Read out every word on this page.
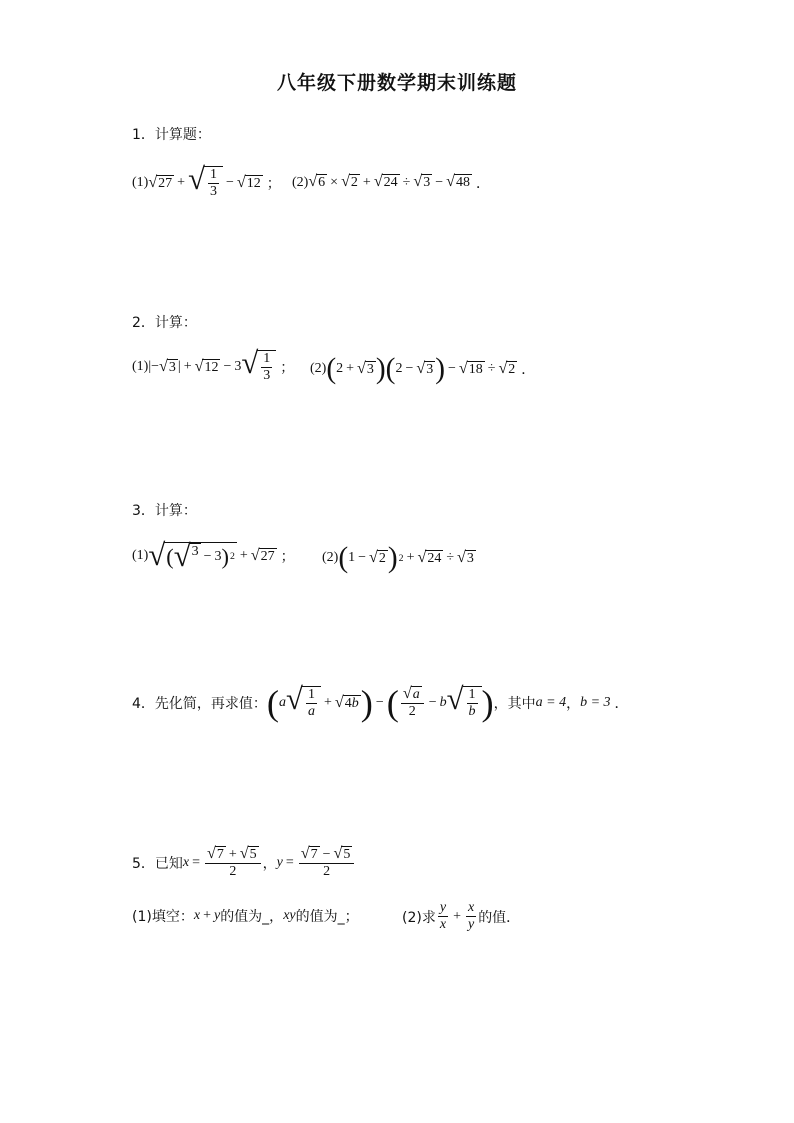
八年级下册数学期末训练题
1．计算题：
(1) √ 27 + √ $\frac{1}{3}$ − √ 12 ； (2) √ 6 × √ 2 + √ 24 ÷ √ 3 − √ 48 ．
2．计算：
(1) |− √ 3 | + √ 12 − 3 √ $\frac{1}{3}$ ； (2) ( 2 + √ 3 ) ( 2 − √ 3 ) − √ 18 ÷ √ 2 ．
3．计算：
(1) √ ( √ 3 − 3 ) 2 + √ 27 ； (2) ( 1 − √ 2 ) 2 + √ 24 ÷ √ 3
4．先化简，再求值： ( a √ $\frac{1}{a}$ + √ 4b ) − ( $\frac{√ a}{2} - b$ √ $\frac{1}{b}$ ) ，其中 a = 4 ， b = 3 ．
5．已知 $x = \frac{√ 7 + √ 5}{2}$ ， $y = \frac{√ 7 - √ 5}{2}$
(1)填空： x + y 的值为_， xy 的值为_；	(2)求 $\frac{y}{x} + \frac{x}{y}$ 的值．
